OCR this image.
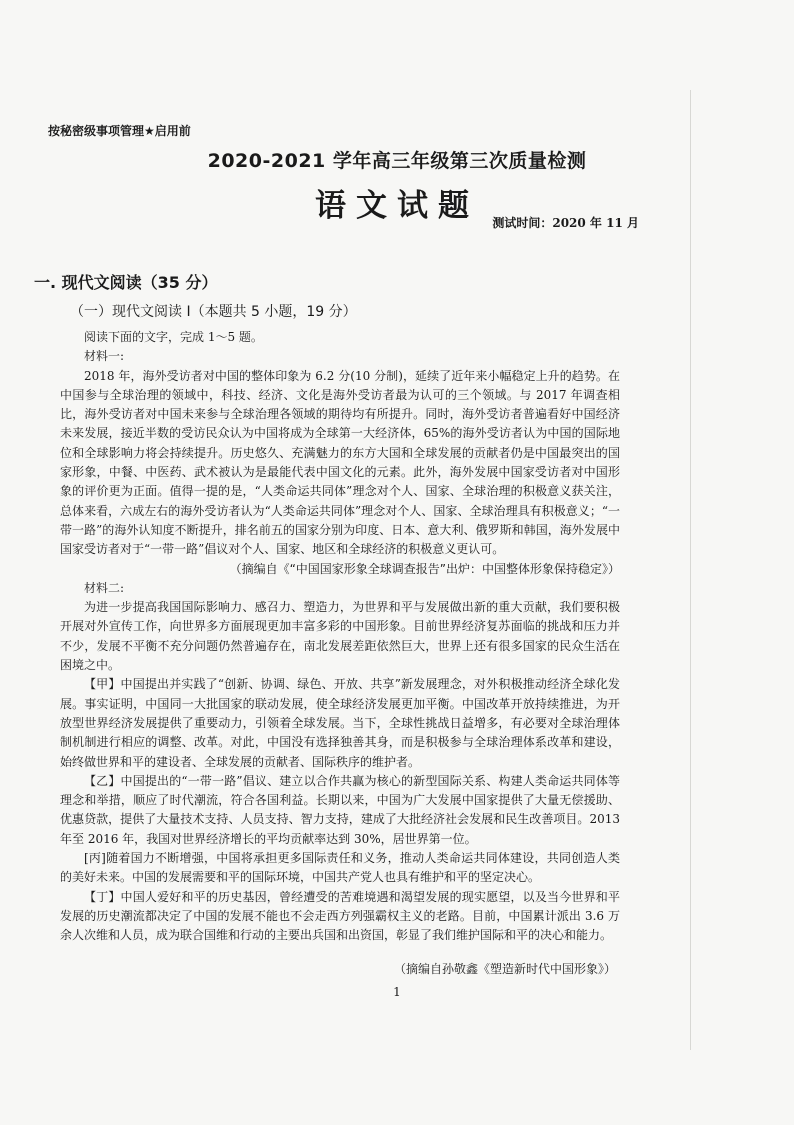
按秘密级事项管理★启用前
2020-2021 学年高三年级第三次质量检测
语文试题	测试时间：2020 年 11 月
一. 现代文阅读（35 分）
（一）现代文阅读 I（本题共 5 小题，19 分）

阅读下面的文字，完成 1～5 题。

材料一:

2018 年，海外受访者对中国的整体印象为 6.2 分(10 分制)，延续了近年来小幅稳定上升的趋势。在中国参与全球治理的领域中，科技、经济、文化是海外受访者最为认可的三个领域。与 2017 年调查相比，海外受访者对中国未来参与全球治理各领域的期待均有所提升。同时，海外受访者普遍看好中国经济未来发展，接近半数的受访民众认为中国将成为全球第一大经济体，65%的海外受访者认为中国的国际地位和全球影响力将会持续提升。历史悠久、充满魅力的东方大国和全球发展的贡献者仍是中国最突出的国家形象，中餐、中医药、武术被认为是最能代表中国文化的元素。此外，海外发展中国家受访者对中国形象的评价更为正面。值得一提的是，“人类命运共同体”理念对个人、国家、全球治理的积极意义获关注，总体来看，六成左右的海外受访者认为“人类命运共同体”理念对个人、国家、全球治理具有积极意义；“一带一路”的海外认知度不断提升，排名前五的国家分别为印度、日本、意大利、俄罗斯和韩国，海外发展中国家受访者对于“一带一路”倡议对个人、国家、地区和全球经济的积极意义更认可。

（摘编自《“中国国家形象全球调查报告”出炉：中国整体形象保持稳定》）

材料二:

为进一步提高我国国际影响力、感召力、塑造力，为世界和平与发展做出新的重大贡献，我们要积极开展对外宣传工作，向世界多方面展现更加丰富多彩的中国形象。目前世界经济复苏面临的挑战和压力并不少，发展不平衡不充分问题仍然普遍存在，南北发展差距依然巨大，世界上还有很多国家的民众生活在困境之中。

【甲】中国提出并实践了“创新、协调、绿色、开放、共享”新发展理念，对外积极推动经济全球化发展。事实证明，中国同一大批国家的联动发展，使全球经济发展更加平衡。中国改革开放持续推进，为开放型世界经济发展提供了重要动力，引领着全球发展。当下，全球性挑战日益增多，有必要对全球治理体制机制进行相应的调整、改革。对此，中国没有选择独善其身，而是积极参与全球治理体系改革和建设，始终做世界和平的建设者、全球发展的贡献者、国际秩序的维护者。

【乙】中国提出的“一带一路”倡议、建立以合作共赢为核心的新型国际关系、构建人类命运共同体等理念和举措，顺应了时代潮流，符合各国利益。长期以来，中国为广大发展中国家提供了大量无偿援助、优惠贷款，提供了大量技术支持、人员支持、智力支持，建成了大批经济社会发展和民生改善项目。2013 年至 2016 年，我国对世界经济增长的平均贡献率达到 30%，居世界第一位。

[丙]随着国力不断增强，中国将承担更多国际责任和义务，推动人类命运共同体建设，共同创造人类的美好未来。中国的发展需要和平的国际环境，中国共产党人也具有维护和平的坚定决心。

【丁】中国人爱好和平的历史基因，曾经遭受的苦难境遇和渴望发展的现实愿望，以及当今世界和平发展的历史潮流都决定了中国的发展不能也不会走西方列强霸权主义的老路。目前，中国累计派出 3.6 万余人次维和人员，成为联合国维和行动的主要出兵国和出资国，彰显了我们维护国际和平的决心和能力。

（摘编自孙敬鑫《塑造新时代中国形象》）
1
